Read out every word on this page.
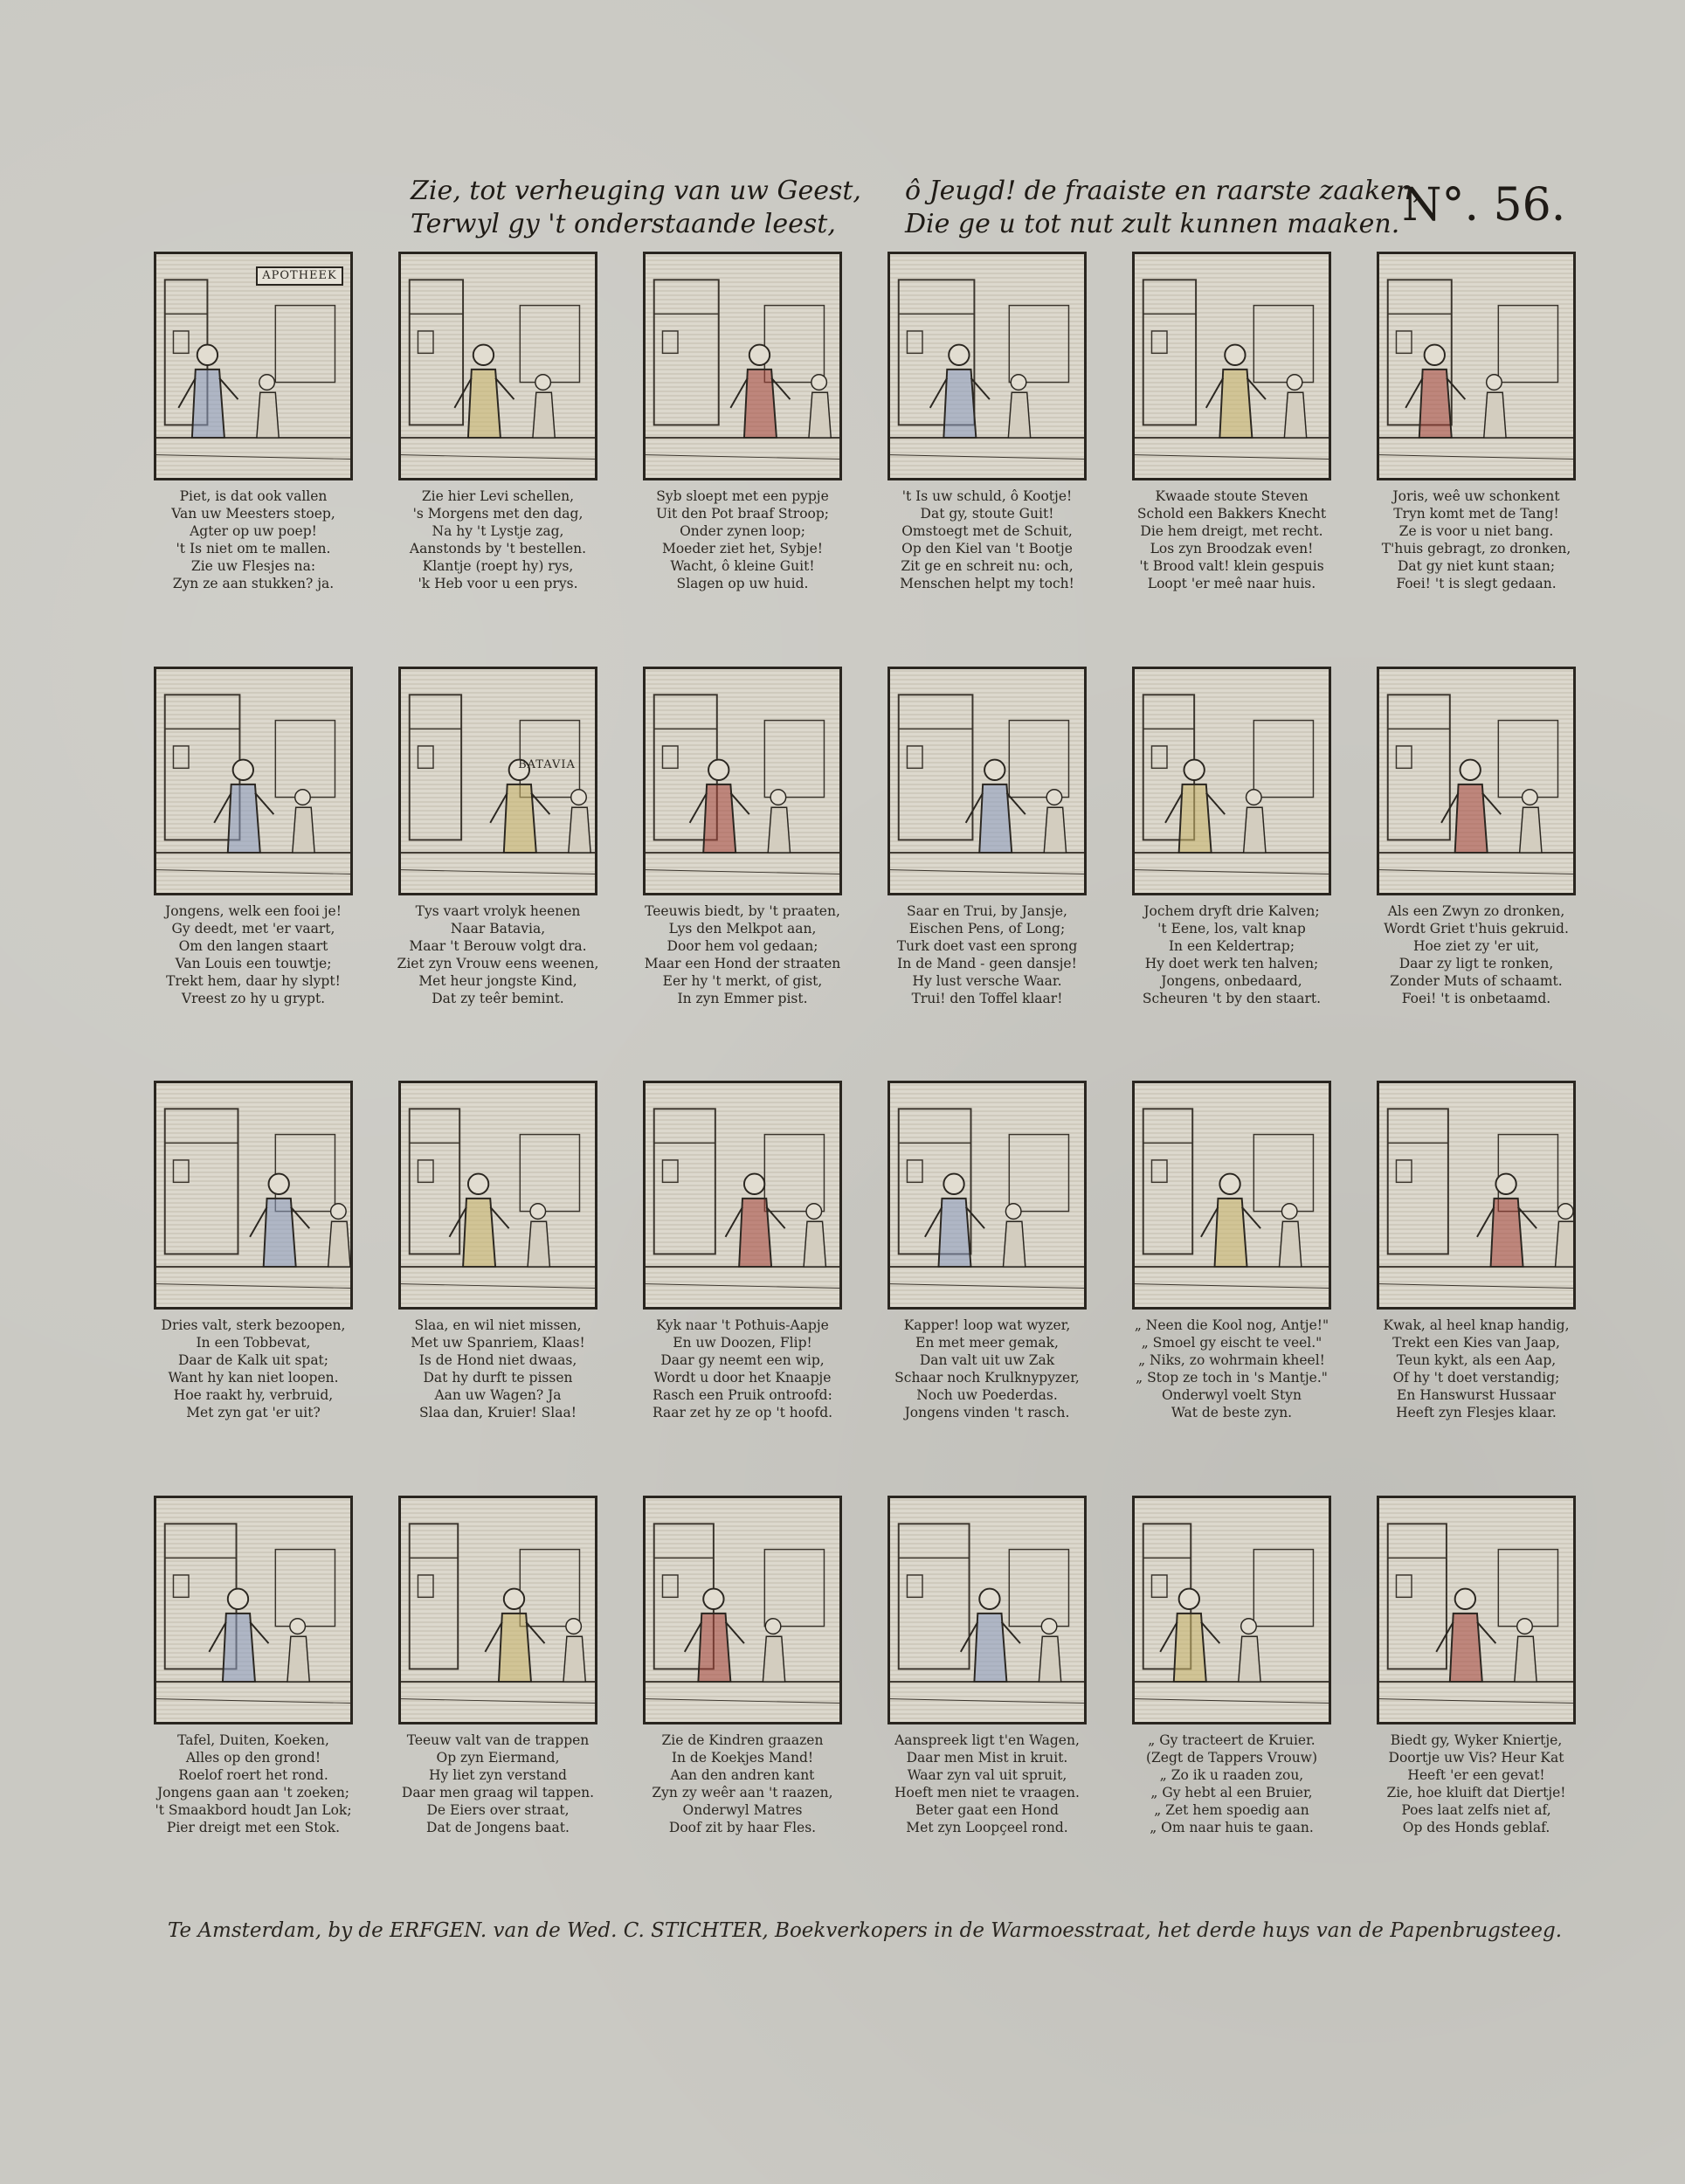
Zie, tot verheuging van uw Geest,
Terwyl gy 't onderstaande leest,
ô Jeugd! de fraaiste en raarste zaaken,
Die ge u tot nut zult kunnen maaken. N°. 56.
APOTHEEK
Piet, is dat ook vallen
Van uw Meesters stoep,
Agter op uw poep!
't Is niet om te mallen.
Zie uw Flesjes na:
Zyn ze aan stukken? ja.
Zie hier Levi schellen,
's Morgens met den dag,
Na hy 't Lystje zag,
Aanstonds by 't bestellen.
Klantje (roept hy) rys,
'k Heb voor u een prys.
Syb sloept met een pypje
Uit den Pot braaf Stroop;
Onder zynen loop;
Moeder ziet het, Sybje!
Wacht, ô kleine Guit!
Slagen op uw huid.
't Is uw schuld, ô Kootje!
Dat gy, stoute Guit!
Omstoegt met de Schuit,
Op den Kiel van 't Bootje
Zit ge en schreit nu: och,
Menschen helpt my toch!
Kwaade stoute Steven
Schold een Bakkers Knecht
Die hem dreigt, met recht.
Los zyn Broodzak even!
't Brood valt! klein gespuis
Loopt 'er meê naar huis.
Joris, weê uw schonkent
Tryn komt met de Tang!
Ze is voor u niet bang.
T'huis gebragt, zo dronken,
Dat gy niet kunt staan;
Foei! 't is slegt gedaan.
Jongens, welk een fooi je!
Gy deedt, met 'er vaart,
Om den langen staart
Van Louis een touwtje;
Trekt hem, daar hy slypt!
Vreest zo hy u grypt.
BATAVIA
Tys vaart vrolyk heenen
Naar Batavia,
Maar 't Berouw volgt dra.
Ziet zyn Vrouw eens weenen,
Met heur jongste Kind,
Dat zy teêr bemint.
Teeuwis biedt, by 't praaten,
Lys den Melkpot aan,
Door hem vol gedaan;
Maar een Hond der straaten
Eer hy 't merkt, of gist,
In zyn Emmer pist.
Saar en Trui, by Jansje,
Eischen Pens, of Long;
Turk doet vast een sprong
In de Mand - geen dansje!
Hy lust versche Waar.
Trui! den Toffel klaar!
Jochem dryft drie Kalven;
't Eene, los, valt knap
In een Keldertrap;
Hy doet werk ten halven;
Jongens, onbedaard,
Scheuren 't by den staart.
Als een Zwyn zo dronken,
Wordt Griet t'huis gekruid.
Hoe ziet zy 'er uit,
Daar zy ligt te ronken,
Zonder Muts of schaamt.
Foei! 't is onbetaamd.
Dries valt, sterk bezoopen,
In een Tobbevat,
Daar de Kalk uit spat;
Want hy kan niet loopen.
Hoe raakt hy, verbruid,
Met zyn gat 'er uit?
Slaa, en wil niet missen,
Met uw Spanriem, Klaas!
Is de Hond niet dwaas,
Dat hy durft te pissen
Aan uw Wagen? Ja
Slaa dan, Kruier! Slaa!
Kyk naar 't Pothuis-Aapje
En uw Doozen, Flip!
Daar gy neemt een wip,
Wordt u door het Knaapje
Rasch een Pruik ontroofd:
Raar zet hy ze op 't hoofd.
Kapper! loop wat wyzer,
En met meer gemak,
Dan valt uit uw Zak
Schaar noch Krulknypyzer,
Noch uw Poederdas.
Jongens vinden 't rasch.
„ Neen die Kool nog, Antje!"
„ Smoel gy eischt te veel."
„ Niks, zo wohrmain kheel!
„ Stop ze toch in 's Mantje."
Onderwyl voelt Styn
Wat de beste zyn.
Kwak, al heel knap handig,
Trekt een Kies van Jaap,
Teun kykt, als een Aap,
Of hy 't doet verstandig;
En Hanswurst Hussaar
Heeft zyn Flesjes klaar.
Tafel, Duiten, Koeken,
Alles op den grond!
Roelof roert het rond.
Jongens gaan aan 't zoeken;
't Smaakbord houdt Jan Lok;
Pier dreigt met een Stok.
Teeuw valt van de trappen
Op zyn Eiermand,
Hy liet zyn verstand
Daar men graag wil tappen.
De Eiers over straat,
Dat de Jongens baat.
Zie de Kindren graazen
In de Koekjes Mand!
Aan den andren kant
Zyn zy weêr aan 't raazen,
Onderwyl Matres
Doof zit by haar Fles.
Aanspreek ligt t'en Wagen,
Daar men Mist in kruit.
Waar zyn val uit spruit,
Hoeft men niet te vraagen.
Beter gaat een Hond
Met zyn Loopçeel rond.
„ Gy tracteert de Kruier.
(Zegt de Tappers Vrouw)
„ Zo ik u raaden zou,
„ Gy hebt al een Bruier,
„ Zet hem spoedig aan
„ Om naar huis te gaan.
Biedt gy, Wyker Kniertje,
Doortje uw Vis? Heur Kat
Heeft 'er een gevat!
Zie, hoe kluift dat Diertje!
Poes laat zelfs niet af,
Op des Honds geblaf.
Te Amsterdam, by de ERFGEN. van de Wed. C. STICHTER, Boekverkopers in de Warmoesstraat, het derde huys van de Papenbrugsteeg.
